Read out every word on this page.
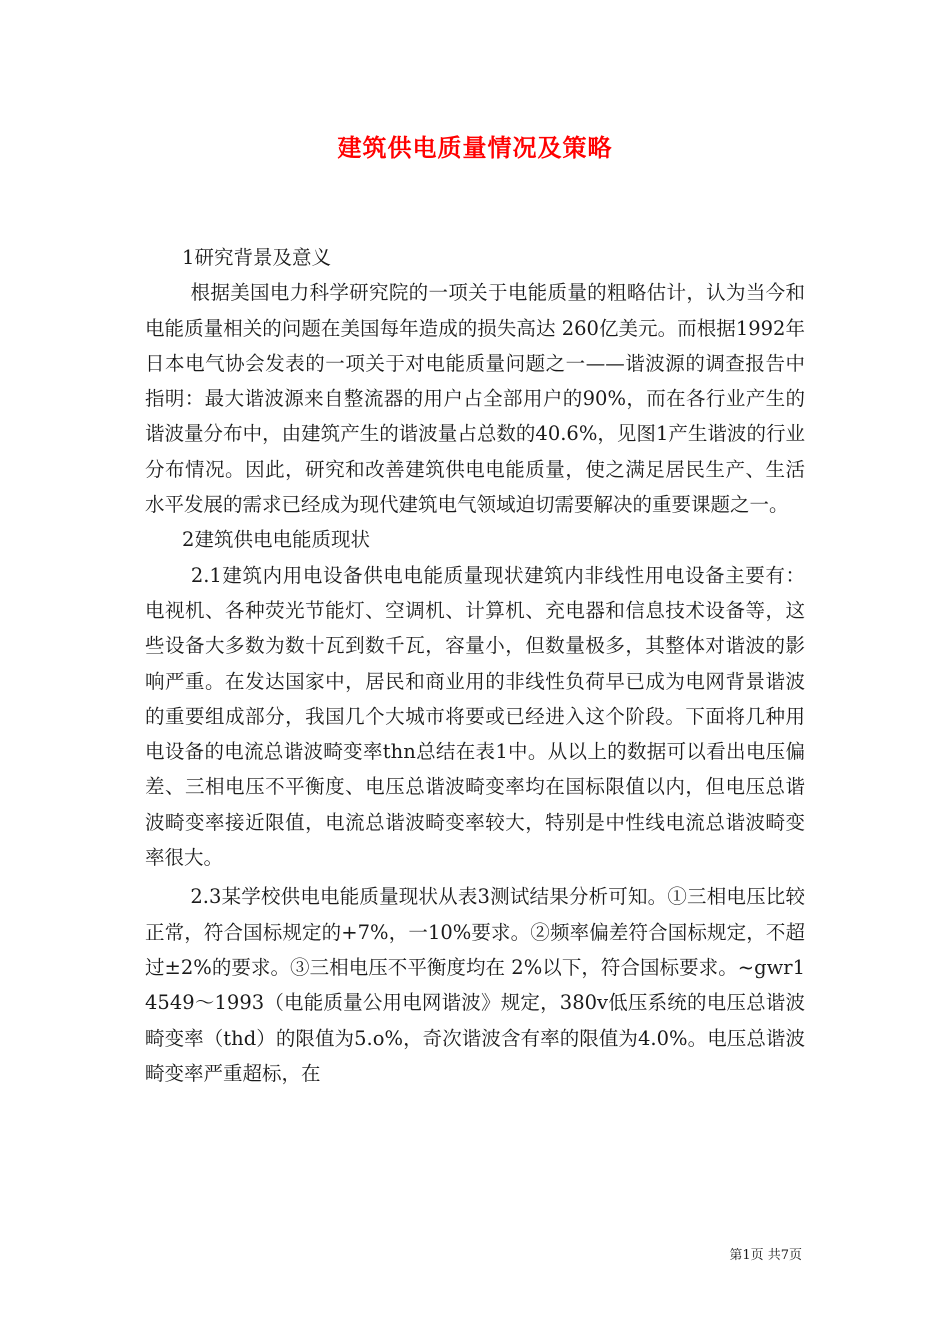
建筑供电质量情况及策略

1研究背景及意义

根据美国电力科学研究院的一项关于电能质量的粗略估计，认为当今和电能质量相关的问题在美国每年造成的损失高达 260亿美元。而根据1992年日本电气协会发表的一项关于对电能质量问题之一——谐波源的调查报告中指明：最大谐波源来自整流器的用户占全部用户的90%，而在各行业产生的谐波量分布中，由建筑产生的谐波量占总数的40.6%，见图1产生谐波的行业分布情况。因此，研究和改善建筑供电电能质量，使之满足居民生产、生活水平发展的需求已经成为现代建筑电气领域迫切需要解决的重要课题之一。

2建筑供电电能质现状

2.1建筑内用电设备供电电能质量现状建筑内非线性用电设备主要有：电视机、各种荧光节能灯、空调机、计算机、充电器和信息技术设备等，这些设备大多数为数十瓦到数千瓦，容量小，但数量极多，其整体对谐波的影响严重。在发达国家中，居民和商业用的非线性负荷早已成为电网背景谐波的重要组成部分，我国几个大城市将要或已经进入这个阶段。下面将几种用电设备的电流总谐波畸变率thn总结在表1中。从以上的数据可以看出电压偏差、三相电压不平衡度、电压总谐波畸变率均在国标限值以内，但电压总谐波畸变率接近限值，电流总谐波畸变率较大，特别是中性线电流总谐波畸变率很大。

2.3某学校供电电能质量现状从表3测试结果分析可知。①三相电压比较正常，符合国标规定的+7%，一10%要求。②频率偏差符合国标规定，不超过±2%的要求。③三相电压不平衡度均在 2%以下，符合国标要求。~gwr14549～1993（电能质量公用电网谐波》规定，380v低压系统的电压总谐波畸变率（thd）的限值为5.o%，奇次谐波含有率的限值为4.0%。电压总谐波畸变率严重超标，在

第1页 共7页
